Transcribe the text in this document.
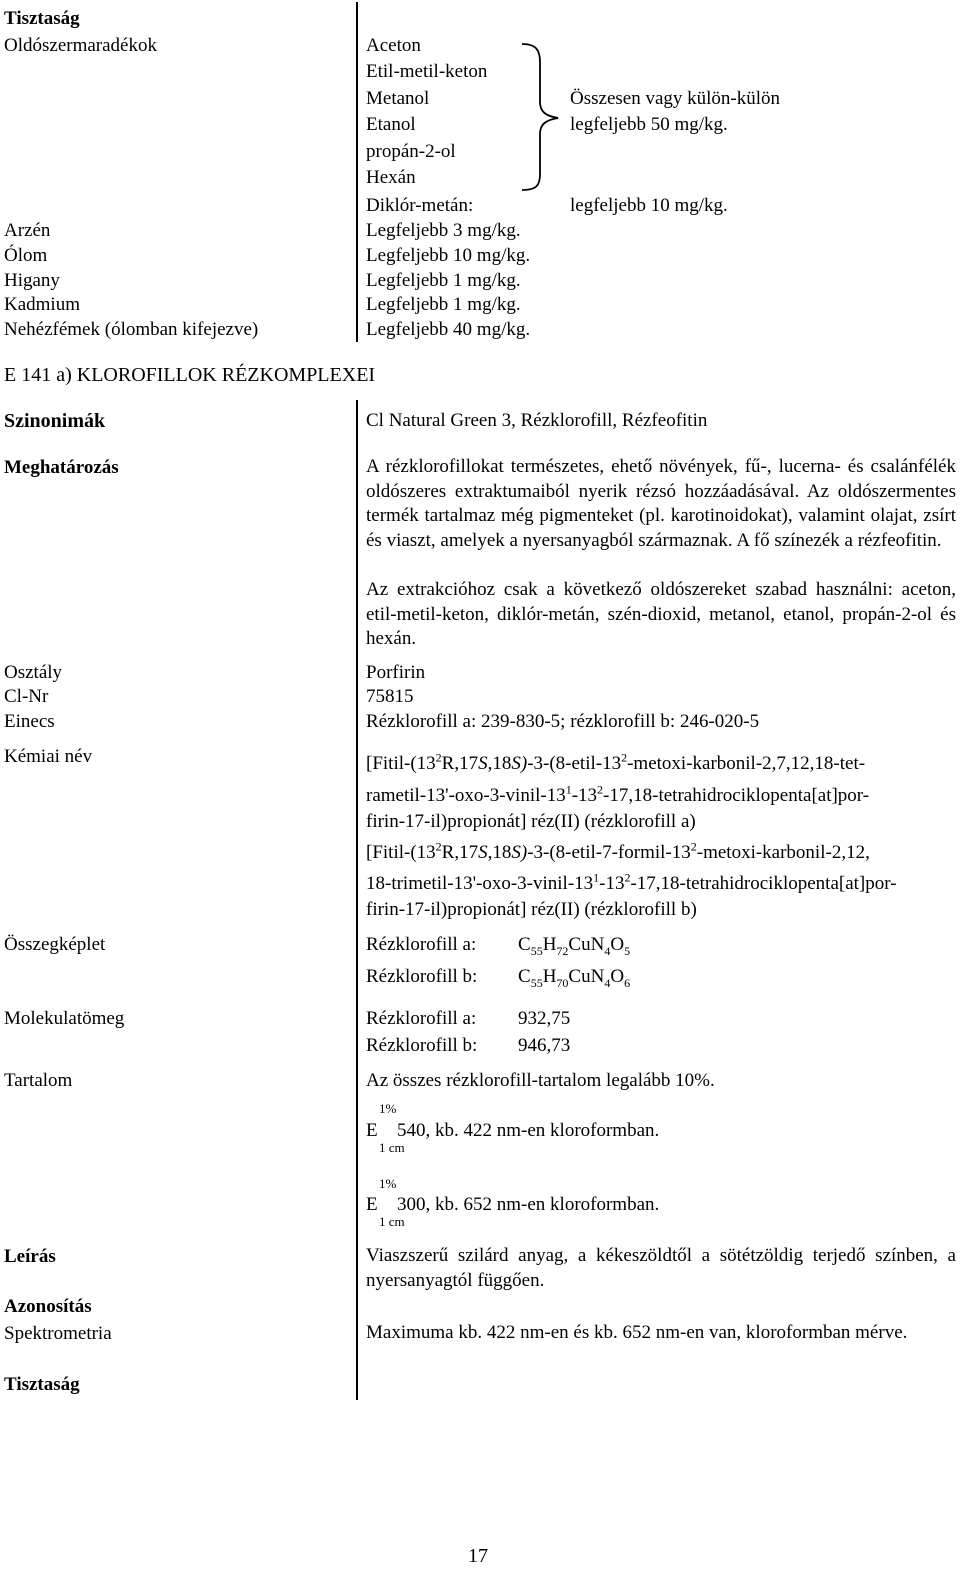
Tisztaság
Oldószermaradékok	Aceton
Etil-metil-keton
Metanol
Etanol
propán-2-ol
Hexán
Összesen vagy külön-külön
legfeljebb 50 mg/kg.
Diklór-metán:	legfeljebb 10 mg/kg.
Arzén	Legfeljebb 3 mg/kg.
Ólom	Legfeljebb 10 mg/kg.
Higany	Legfeljebb 1 mg/kg.
Kadmium	Legfeljebb 1 mg/kg.
Nehézfémek (ólomban kifejezve)	Legfeljebb 40 mg/kg.
E 141 a) KLOROFILLOK RÉZKOMPLEXEI
Szinonimák	Cl Natural Green 3, Rézklorofill, Rézfeofitin
Meghatározás	A rézklorofillokat természetes, ehető növények, fű-, lucerna- és csalánfélék oldószeres extraktumaiból nyerik rézsó hozzáadásával. Az oldószermentes termék tartalmaz még pigmenteket (pl. karotinoidokat), valamint olajat, zsírt és viaszt, amelyek a nyersanyagból származnak. A fő színezék a rézfeofitin.
Az extrakcióhoz csak a következő oldószereket szabad használni: aceton, etil-metil-keton, diklór-metán, szén-dioxid, metanol, etanol, propán-2-ol és hexán.
Osztály	Porfirin
Cl-Nr	75815
Einecs	Rézklorofill a: 239-830-5; rézklorofill b: 246-020-5
Kémiai név	[$Fitil-(13^2R,17S,18S)-3-(8-etil-13^2-metoxi-karbonil-2,7,12,18-tet-$
rametil-$13'-oxo-3-vinil-13^1-13^2-17,18-tetrahidrociklopenta[at]por-$
firin-17-il)propionát] réz(II) (rézklorofill a)
[$Fitil-(13^2R,17S,18S)-3-(8-etil-7-formil-13^2-metoxi-karbonil-2,12$,
$18-trimetil-13'-oxo-3-vinil-13^1-13^2-17,18-tetrahidrociklopenta[at]por-$
firin-17-il)propionát] réz(II) (rézklorofill b)
Összegképlet	Rézklorofill a: $C_{55}H_{72}CuN_4O_5$
Rézklorofill b: $C_{55}H_{70}CuN_4O_6$
Molekulatömeg	Rézklorofill a: 932,75
Rézklorofill b: 946,73
Tartalom	Az összes rézklorofill-tartalom legalább 10%.
1%
E 540, kb. 422 nm-en kloroformban.
1 cm
1%
E 300, kb. 652 nm-en kloroformban.
1 cm
Leírás	Viaszszerű szilárd anyag, a kékeszöldtől a sötétzöldig terjedő színben, a nyersanyagtól függően.
Azonosítás
Spektrometria	Maximuma kb. 422 nm-en és kb. 652 nm-en van, kloroformban mérve.
Tisztaság
17
